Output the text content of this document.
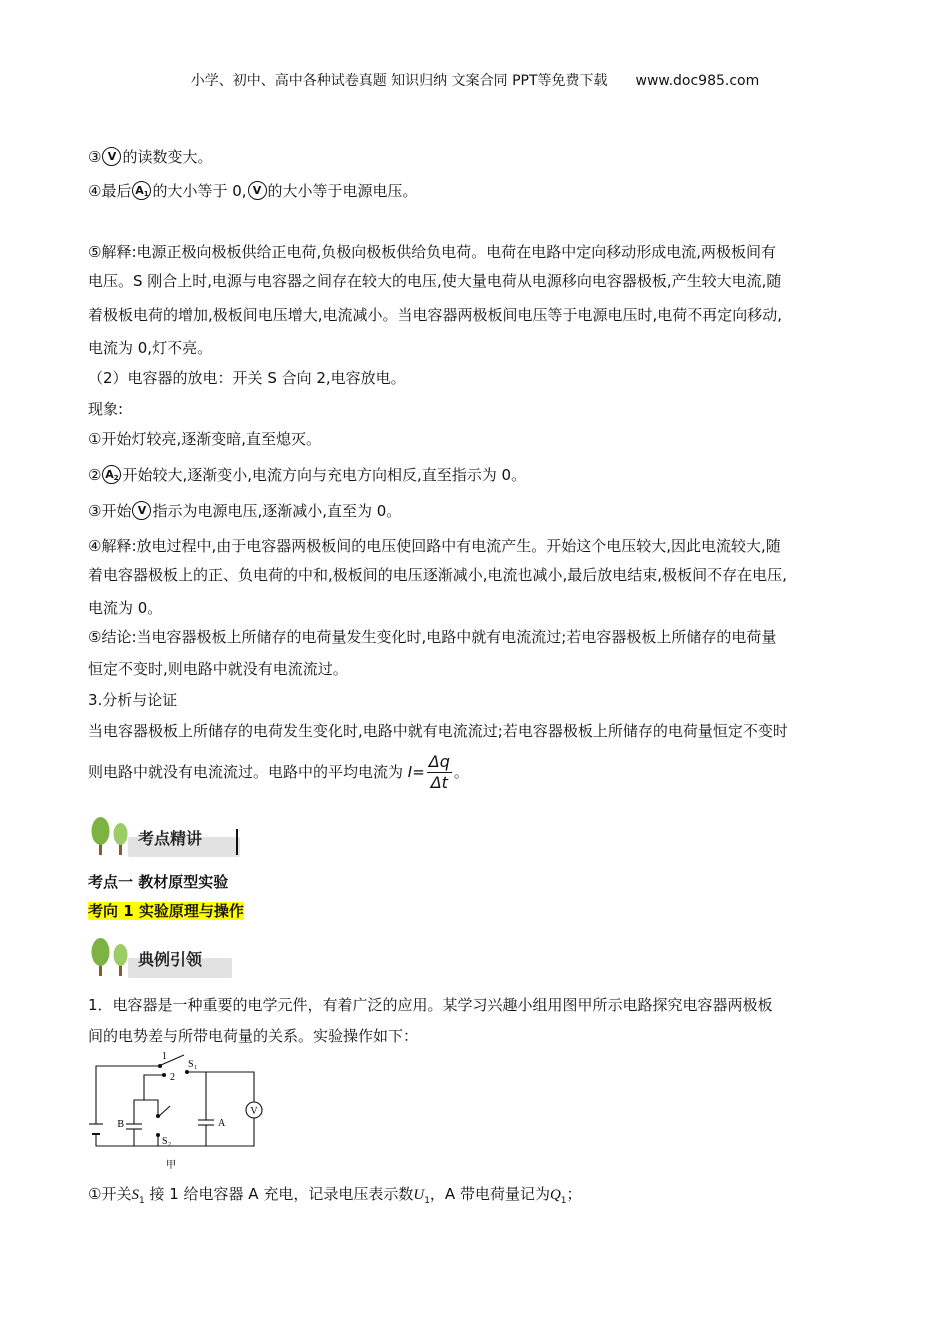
小学、初中、高中各种试卷真题 知识归纳 文案合同 PPT等免费下载 www.doc985.com
③ V 的读数变大。
④最后 $A_1$ 的大小等于 0, V 的大小等于电源电压。
⑤解释:电源正极向极板供给正电荷,负极向极板供给负电荷。电荷在电路中定向移动形成电流,两极板间有
电压。S 刚合上时,电源与电容器之间存在较大的电压,使大量电荷从电源移向电容器极板,产生较大电流,随
着极板电荷的增加,极板间电压增大,电流减小。当电容器两极板间电压等于电源电压时,电荷不再定向移动,
电流为 0,灯不亮。
（2）电容器的放电：开关 S 合向 2,电容放电。
现象:
①开始灯较亮,逐渐变暗,直至熄灭。
② $A_2$ 开始较大,逐渐变小,电流方向与充电方向相反,直至指示为 0。
③开始 V 指示为电源电压,逐渐减小,直至为 0。
④解释:放电过程中,由于电容器两极板间的电压使回路中有电流产生。开始这个电压较大,因此电流较大,随
着电容器极板上的正、负电荷的中和,极板间的电压逐渐减小,电流也减小,最后放电结束,极板间不存在电压,
电流为 0。
⑤结论:当电容器极板上所储存的电荷量发生变化时,电路中就有电流流过;若电容器极板上所储存的电荷量
恒定不变时,则电路中就没有电流流过。
3.分析与论证
当电容器极板上所储存的电荷发生变化时,电路中就有电流流过;若电容器极板上所储存的电荷量恒定不变时
则电路中就没有电流流过。电路中的平均电流为 $I= \frac{\Delta q}{\Delta t}$ 。
考点精讲
考点一 教材原型实验
考向 1 实验原理与操作
典例引领
1．电容器是一种重要的电学元件，有着广泛的应用。某学习兴趣小组用图甲所示电路探究电容器两极板
间的电势差与所带电荷量的关系。实验操作如下：
1
2
S 1
S 2
B	A
V
甲
①开关$S_1$ 接 1 给电容器 A 充电，记录电压表示数$U_1$，A 带电荷量记为$Q_1$；
